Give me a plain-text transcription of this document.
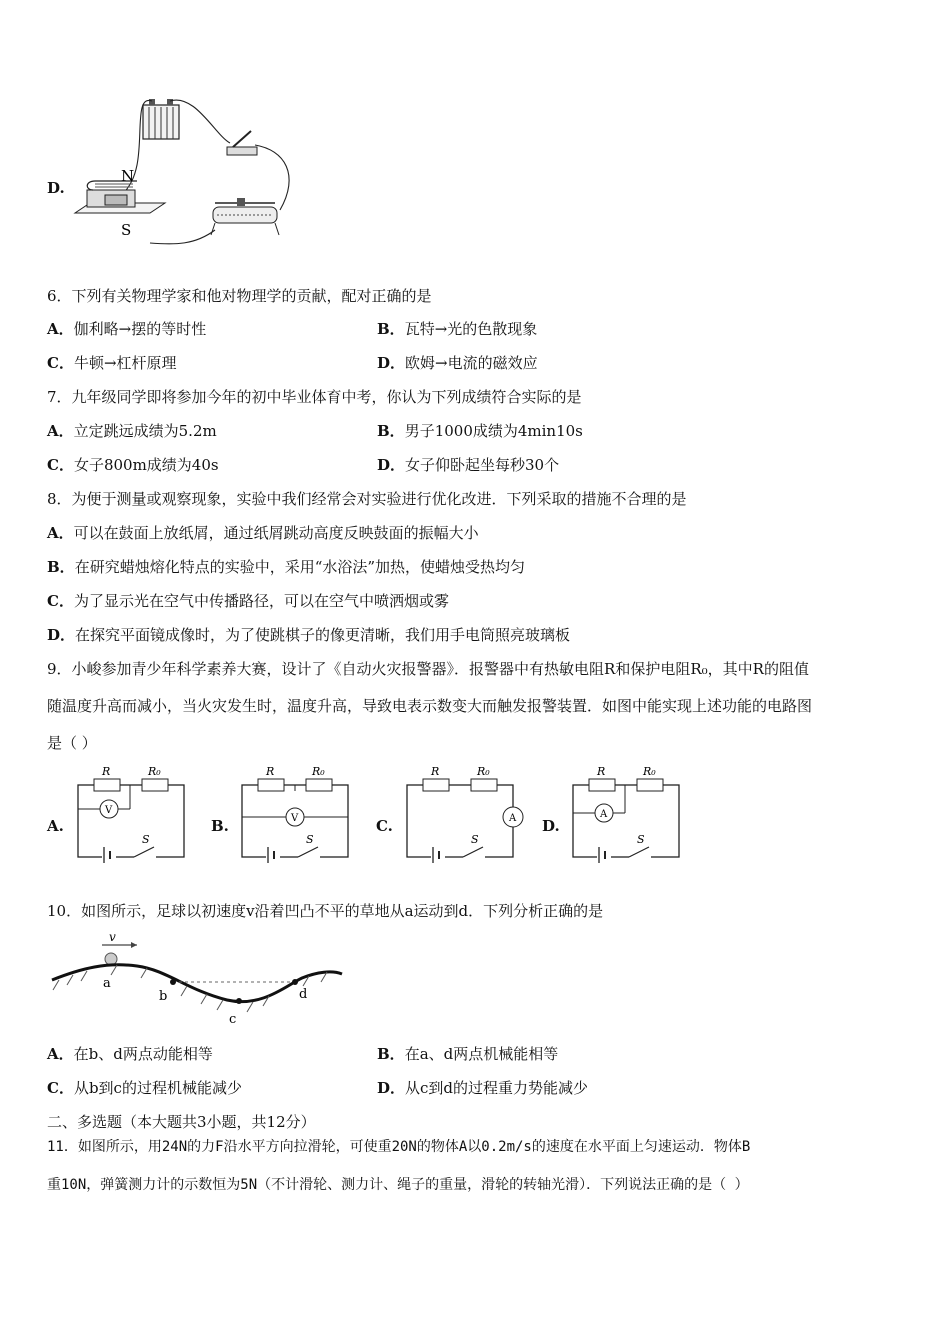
D.
N
S
6．下列有关物理学家和他对物理学的贡献，配对正确的是
A．伽利略→摆的等时性	B．瓦特→光的色散现象
C．牛顿→杠杆原理	D．欧姆→电流的磁效应
7．九年级同学即将参加今年的初中毕业体育中考，你认为下列成绩符合实际的是
A．立定跳远成绩为5.2m	B．男子1000成绩为4min10s
C．女子800m成绩为40s	D．女子仰卧起坐每秒30个
8．为便于测量或观察现象，实验中我们经常会对实验进行优化改进．下列采取的措施不合理的是
A．可以在鼓面上放纸屑，通过纸屑跳动高度反映鼓面的振幅大小
B．在研究蜡烛熔化特点的实验中，采用“水浴法”加热，使蜡烛受热均匀
C．为了显示光在空气中传播路径，可以在空气中喷洒烟或雾
D．在探究平面镜成像时，为了使跳棋子的像更清晰，我们用手电筒照亮玻璃板
9．小峻参加青少年科学素养大赛，设计了《自动火灾报警器》．报警器中有热敏电阻R和保护电阻R₀，其中R的阻值
随温度升高而减小，当火灾发生时，温度升高，导致电表示数变大而触发报警装置．如图中能实现上述功能的电路图
是（ ）
A.
R	R₀
V
S
B.
R	R₀
V
S
C.
R	R₀
A
S
D.
R	R₀
A
S
10．如图所示，足球以初速度v沿着凹凸不平的草地从a运动到d．下列分析正确的是
v
a
b
c
d
A．在b、d两点动能相等	B．在a、d两点机械能相等
C．从b到c的过程机械能减少	D．从c到d的过程重力势能减少
二、多选题（本大题共3小题，共12分）
11．如图所示，用24N的力F沿水平方向拉滑轮，可使重20N的物体A以0.2m/s的速度在水平面上匀速运动．物体B
重10N，弹簧测力计的示数恒为5N（不计滑轮、测力计、绳子的重量，滑轮的转轴光滑）．下列说法正确的是（ ）
